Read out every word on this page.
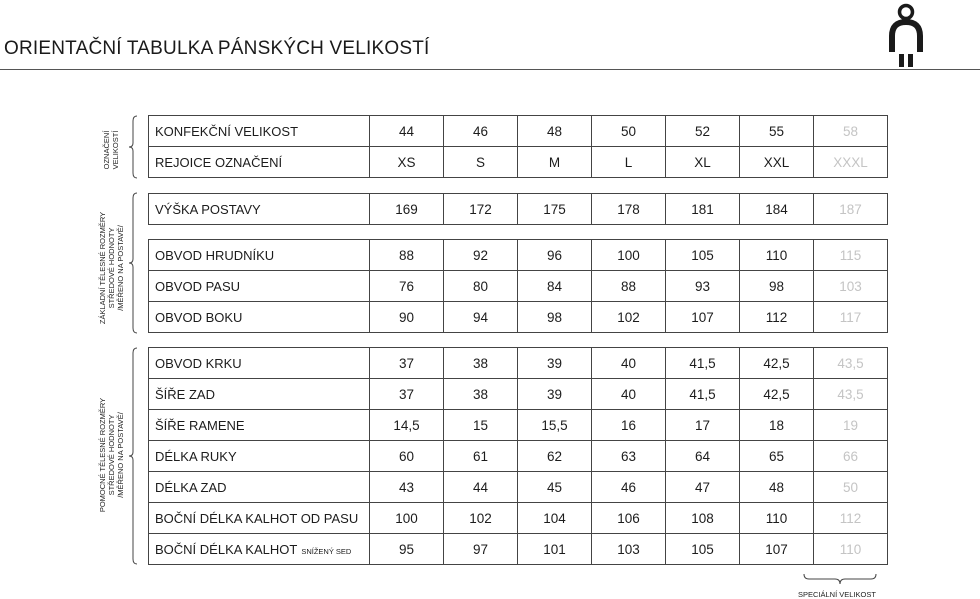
ORIENTAČNÍ TABULKA PÁNSKÝCH VELIKOSTÍ
OZNAČENÍ VELIKOSTÍ
ZÁKLADNÍ TĚLESNÉ ROZMĚRY STŘEDOVÉ HODNOTY /MĚŘENO NA POSTAVĚ/
POMOCNÉ TĚLESNÉ ROZMĚRY STŘEDOVÉ HODNOTY /MĚŘENO NA POSTAVĚ/
KONFEKČNÍ VELIKOST	44	46	48	50	52	55	58
REJOICE OZNAČENÍ	XS	S	M	L	XL	XXL	XXXL
VÝŠKA POSTAVY	169	172	175	178	181	184	187
OBVOD HRUDNÍKU	88	92	96	100	105	110	115
OBVOD PASU	76	80	84	88	93	98	103
OBVOD BOKU	90	94	98	102	107	112	117
OBVOD KRKU	37	38	39	40	41,5	42,5	43,5
ŠÍŘE ZAD	37	38	39	40	41,5	42,5	43,5
ŠÍŘE RAMENE	14,5	15	15,5	16	17	18	19
DÉLKA RUKY	60	61	62	63	64	65	66
DÉLKA ZAD	43	44	45	46	47	48	50
BOČNÍ DÉLKA KALHOT OD PASU	100	102	104	106	108	110	112
BOČNÍ DÉLKA KALHOT SNÍŽENÝ SED	95	97	101	103	105	107	110
SPECIÁLNÍ VELIKOST
